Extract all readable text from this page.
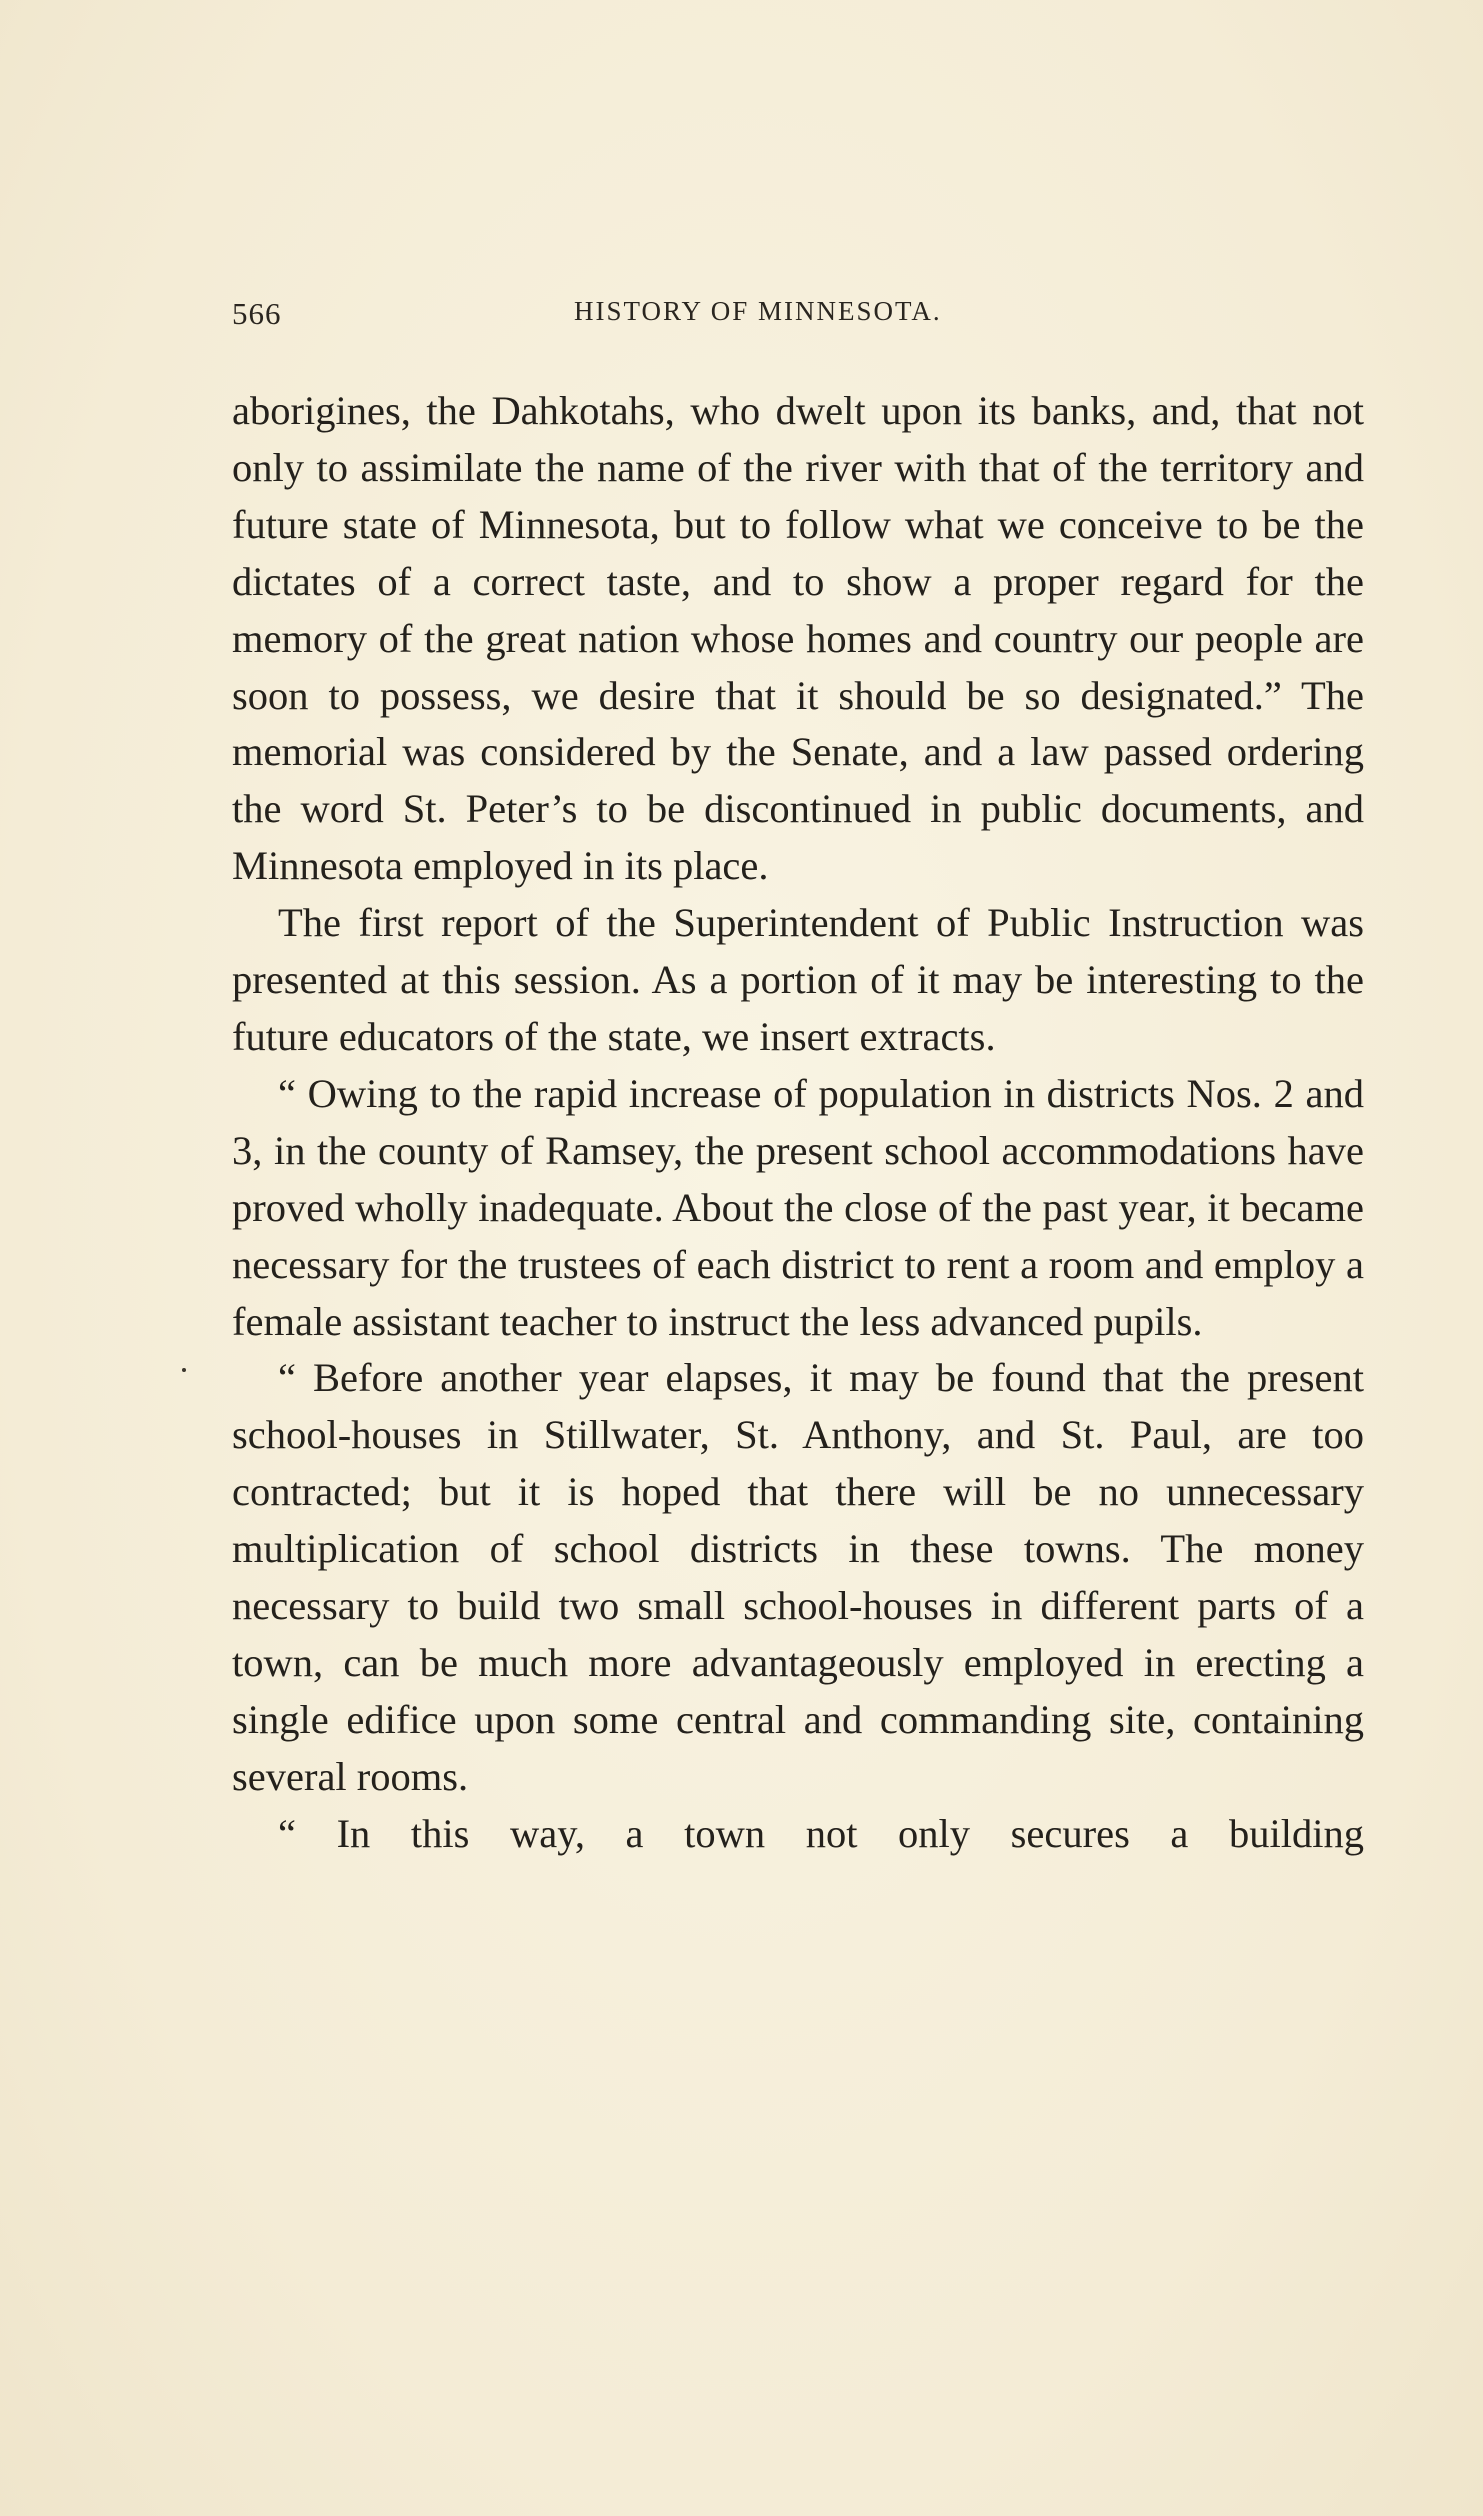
566	HISTORY OF MINNESOTA.

aborigines, the Dahkotahs, who dwelt upon its banks, and, that not only to assimilate the name of the river with that of the territory and future state of Minnesota, but to follow what we conceive to be the dictates of a correct taste, and to show a proper regard for the memory of the great nation whose homes and country our people are soon to possess, we desire that it should be so designated.” The memorial was considered by the Senate, and a law passed ordering the word St. Peter’s to be discontinued in public documents, and Minnesota employed in its place.

The first report of the Superintendent of Public Instruction was presented at this session. As a portion of it may be interesting to the future educators of the state, we insert extracts.

“ Owing to the rapid increase of population in districts Nos. 2 and 3, in the county of Ramsey, the present school accommodations have proved wholly inadequate. About the close of the past year, it became necessary for the trustees of each district to rent a room and employ a female assistant teacher to instruct the less advanced pupils.

“ Before another year elapses, it may be found that the present school-houses in Stillwater, St. Anthony, and St. Paul, are too contracted; but it is hoped that there will be no unnecessary multiplication of school districts in these towns. The money necessary to build two small school-houses in different parts of a town, can be much more advantageously employed in erecting a single edifice upon some central and commanding site, containing several rooms.

“ In this way, a town not only secures a building
